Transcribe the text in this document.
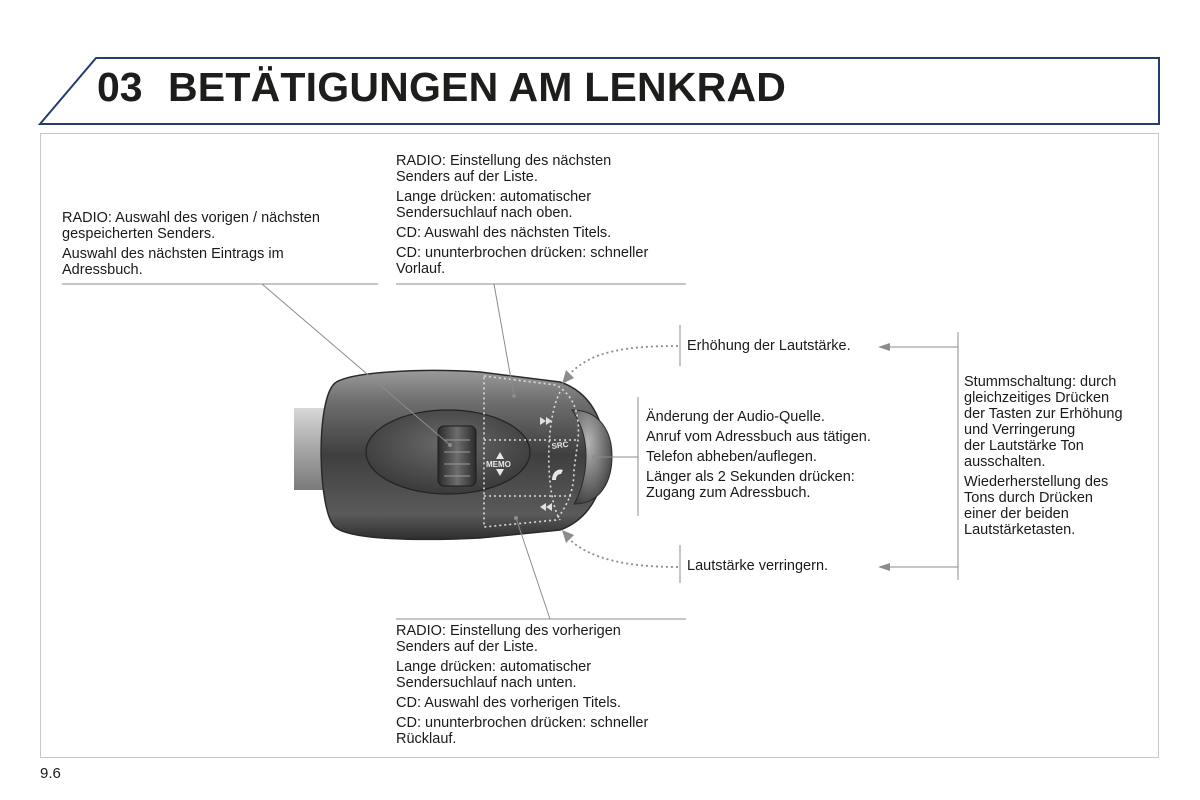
03 BETÄTIGUNGEN AM LENKRAD
MEMO
SRC

RADIO: Auswahl des vorigen / nächsten
gespeicherten Senders.

Auswahl des nächsten Eintrags im
Adressbuch.

RADIO: Einstellung des nächsten
Senders auf der Liste.

Lange drücken: automatischer
Sendersuchlauf nach oben.

CD: Auswahl des nächsten Titels.

CD: ununterbrochen drücken: schneller
Vorlauf.

Erhöhung der Lautstärke.

Änderung der Audio-Quelle.

Anruf vom Adressbuch aus tätigen.

Telefon abheben/auflegen.

Länger als 2 Sekunden drücken:
Zugang zum Adressbuch.

Lautstärke verringern.

Stummschaltung: durch
gleichzeitiges Drücken
der Tasten zur Erhöhung
und Verringerung
der Lautstärke Ton
ausschalten.

Wiederherstellung des
Tons durch Drücken
einer der beiden
Lautstärketasten.

RADIO: Einstellung des vorherigen
Senders auf der Liste.

Lange drücken: automatischer
Sendersuchlauf nach unten.

CD: Auswahl des vorherigen Titels.

CD: ununterbrochen drücken: schneller
Rücklauf.

9.6
